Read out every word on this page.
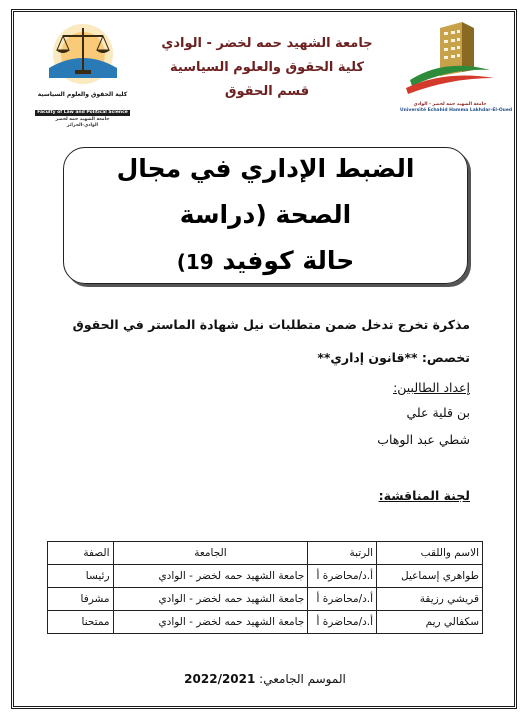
جامعة الشهيد حمه لخضر - الوادي
Université Echahid Hamma Lakhdar-El-Oued
جامعة الشهيد حمه لخضر - الوادي
كلية الحقوق والعلوم السياسية
قسم الحقوق
كلية الحقوق والعلوم السياسية
Faculty of Law and Political Science
جامعة الشهيد حمه لخضر
الوادي-الجزائر
الضبط الإداري في مجال الصحة (دراسة
حالة كوفيد 19)
مذكرة تخرج تدخل ضمن متطلبات نيل شهادة الماستر في الحقوق
تخصص: **قانون إداري**
إعداد الطالبين:
بن قلية علي
شطي عبد الوهاب
لجنة المناقشة:
الاسم واللقب	الرتبة	الجامعة	الصفة
طواهري إسماعيل	أ.د/محاضرة أ	جامعة الشهيد حمه لخضر - الوادي	رئيسا
قريشي رزيقة	أ.د/محاضرة أ	جامعة الشهيد حمه لخضر - الوادي	مشرفا
سكفالي ريم	أ.د/محاضرة أ	جامعة الشهيد حمه لخضر - الوادي	ممتحنا
الموسم الجامعي: 2022/2021
